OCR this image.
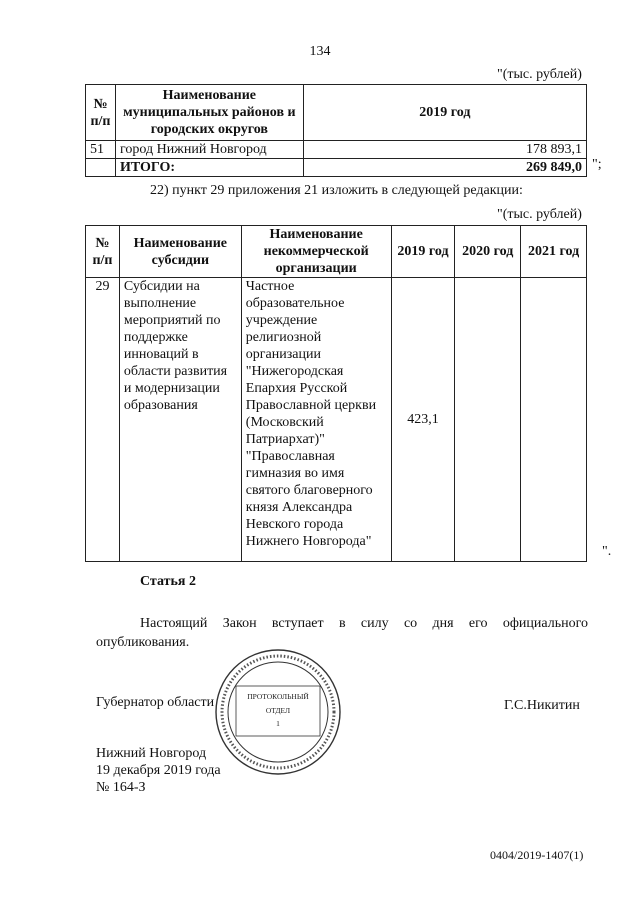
134
"(тыс. рублей)
№ п/п	Наименование муниципальных районов и городских округов	2019 год
51	город Нижний Новгород	178 893,1
	ИТОГО:	269 849,0 ";
22) пункт 29 приложения 21 изложить в следующей редакции:
"(тыс. рублей)
№ п/п	Наименование субсидии	Наименование некоммерческой организации	2019 год	2020 год	2021 год
29	Субсидии на выполнение мероприятий по поддержке инноваций в области развития и модернизации образования	Частное образовательное учреждение религиозной организации "Нижегородская Епархия Русской Православной церкви (Московский Патриархат)" "Православная гимназия во имя святого благоверного князя Александра Невского города Нижнего Новгорода"	423,1		
".
Статья 2
Настоящий Закон вступает в силу со дня его официального опубликования.
Губернатор области	Г.С.Никитин
ПРОТОКОЛЬНЫЙ
ОТДЕЛ
1
Нижний Новгород
19 декабря 2019 года
№ 164-З
0404/2019-1407(1)
